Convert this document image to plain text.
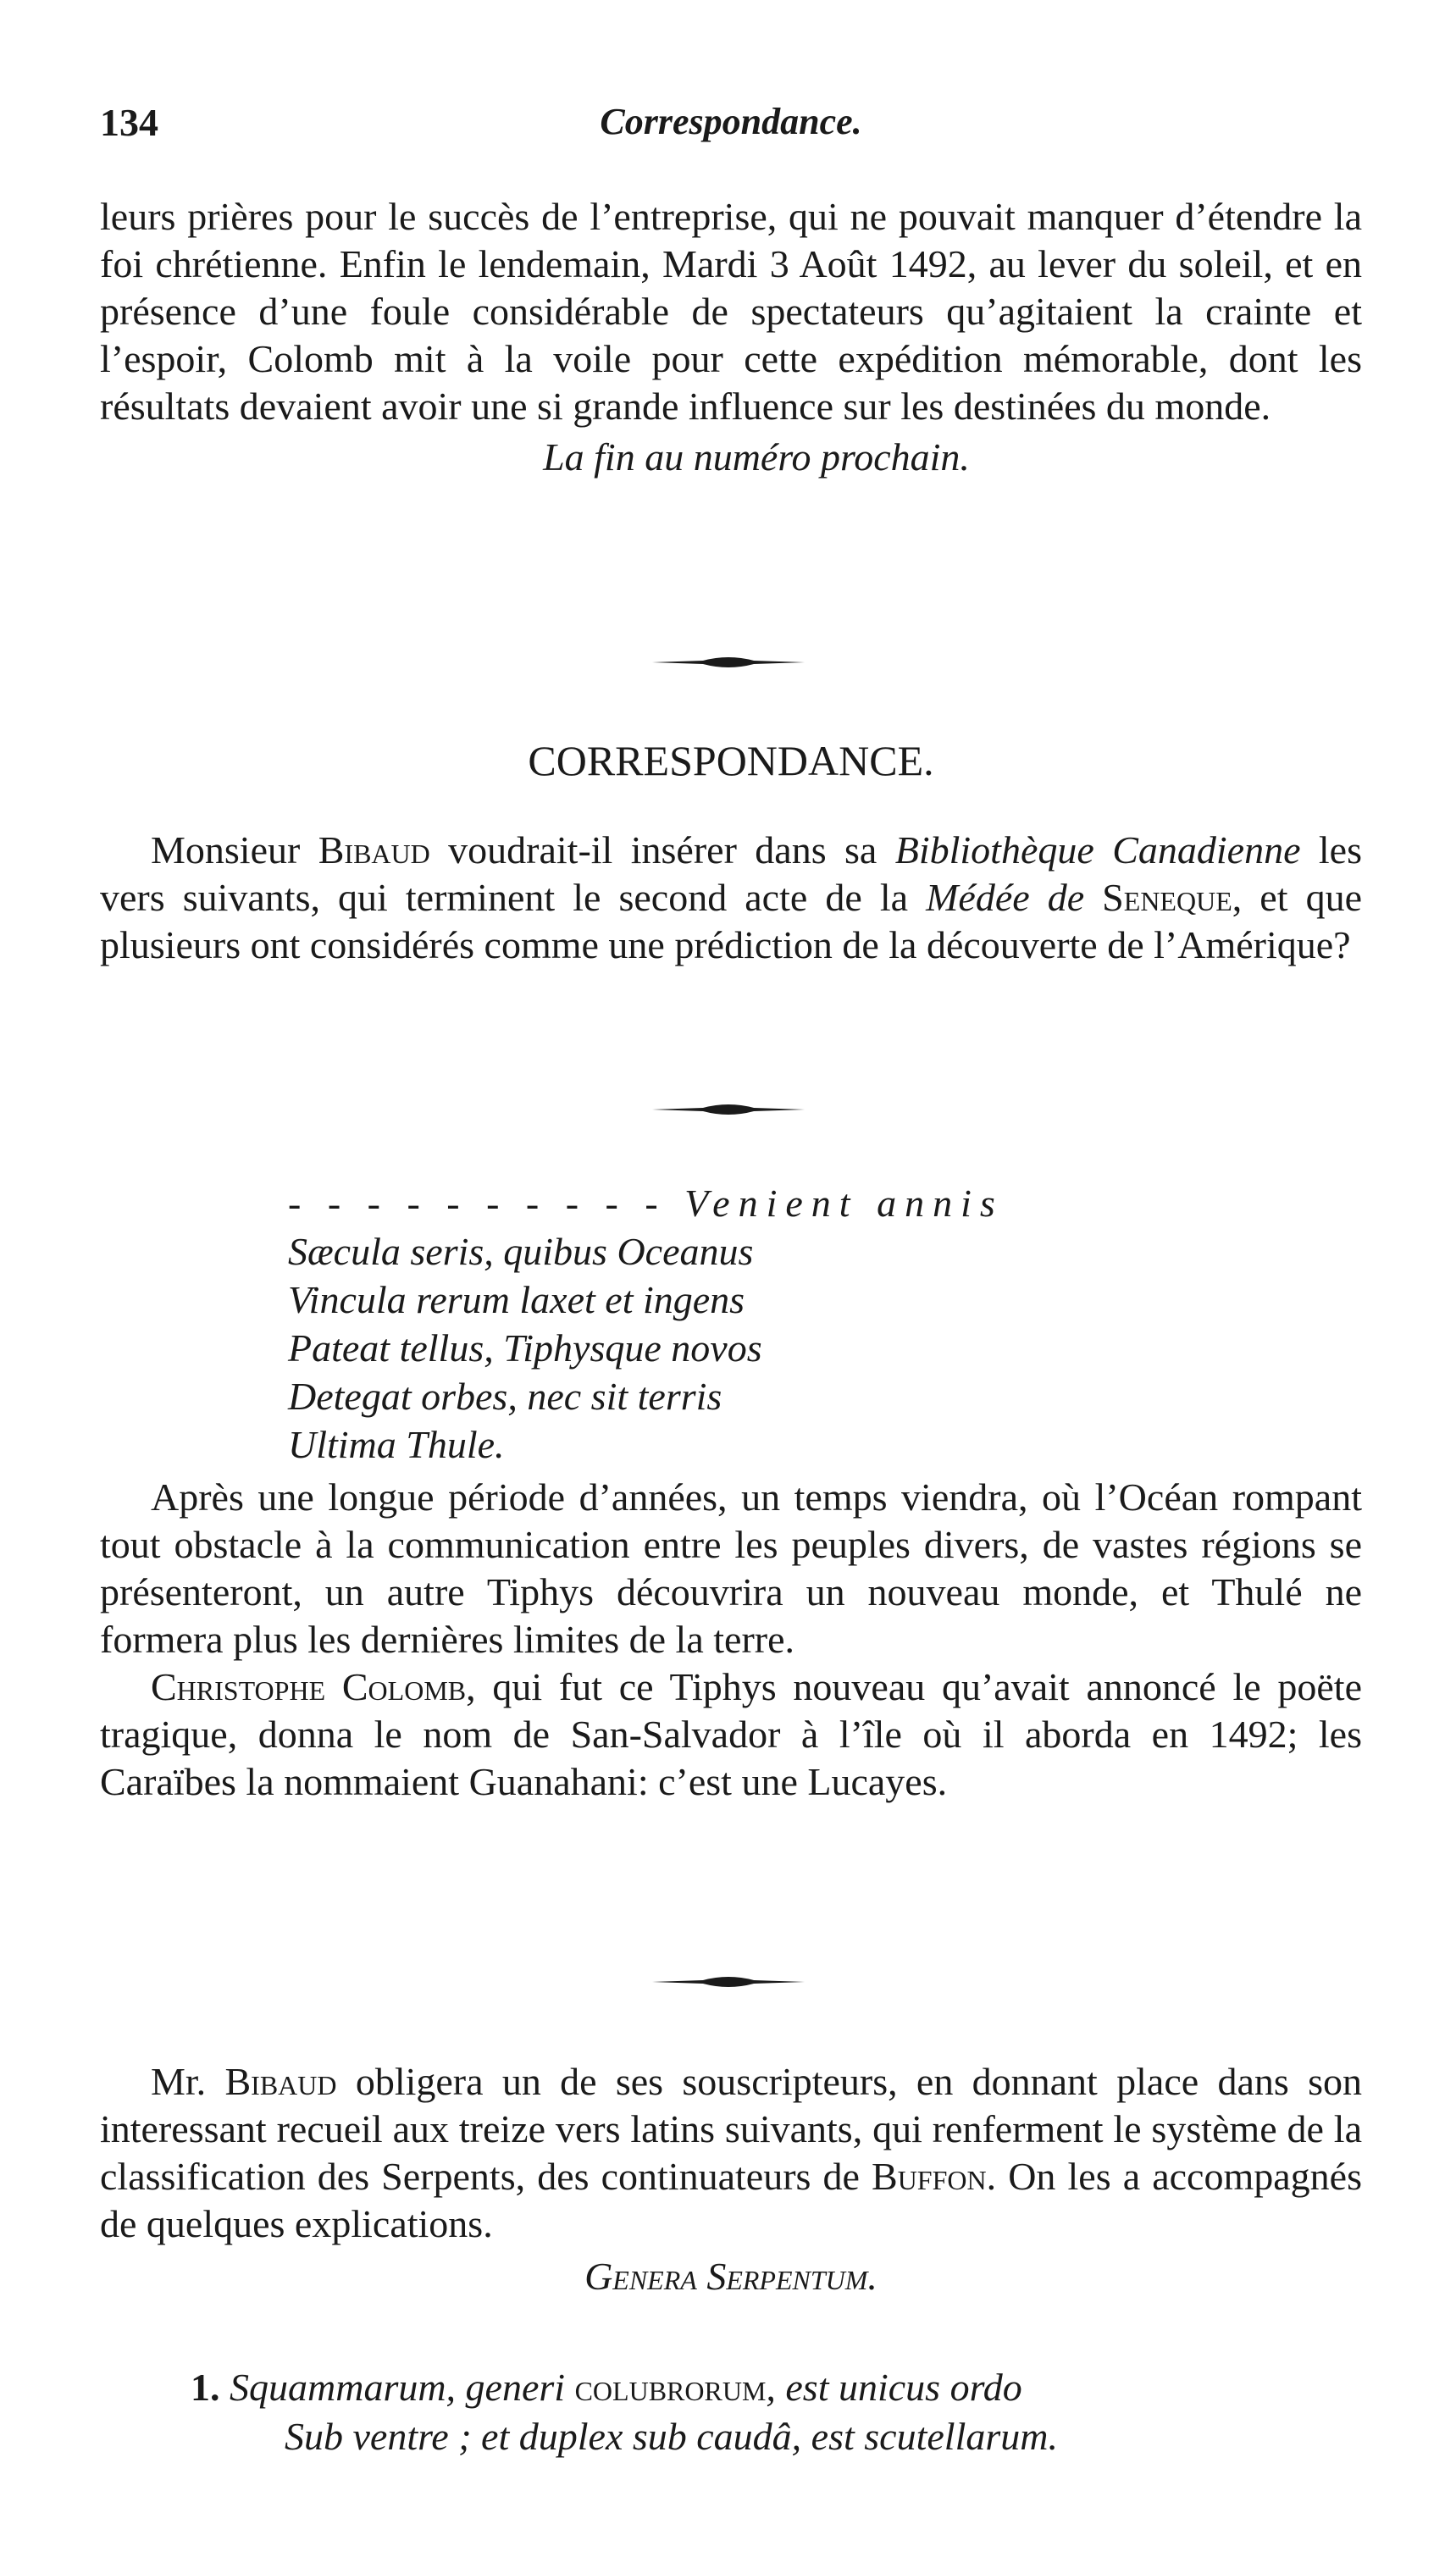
134	Correspondance.

leurs prières pour le succès de l’entreprise, qui ne pouvait manquer d’étendre la foi chrétienne. Enfin le lendemain, Mardi 3 Août 1492, au lever du soleil, et en présence d’une foule considérable de spectateurs qu’agitaient la crainte et l’espoir, Colomb mit à la voile pour cette expédition mémorable, dont les résultats devaient avoir une si grande influence sur les destinées du monde.

La fin au numéro prochain.
CORRESPONDANCE.

Monsieur Bibaud voudrait-il insérer dans sa Bibliothèque Canadienne les vers suivants, qui terminent le second acte de la Médée de Seneque, et que plusieurs ont considérés comme une prédiction de la découverte de l’Amérique?

- - - - - - - - - - Venient annis
Sæcula seris, quibus Oceanus
Vincula rerum laxet et ingens
Pateat tellus, Tiphysque novos
Detegat orbes, nec sit terris
Ultima Thule.

Après une longue période d’années, un temps viendra, où l’Océan rompant tout obstacle à la communication entre les peuples divers, de vastes régions se présenteront, un autre Tiphys découvrira un nouveau monde, et Thulé ne formera plus les dernières limites de la terre.

Christophe Colomb, qui fut ce Tiphys nouveau qu’avait annoncé le poëte tragique, donna le nom de San-Salvador à l’île où il aborda en 1492; les Caraïbes la nommaient Guanahani: c’est une Lucayes.

Mr. Bibaud obligera un de ses souscripteurs, en donnant place dans son interessant recueil aux treize vers latins suivants, qui renferment le système de la classification des Serpents, des continuateurs de Buffon. On les a accompagnés de quelques explications.

Genera Serpentum.
1. Squammarum, generi colubrorum, est unicus ordo
Sub ventre ; et duplex sub caudâ, est scutellarum.
